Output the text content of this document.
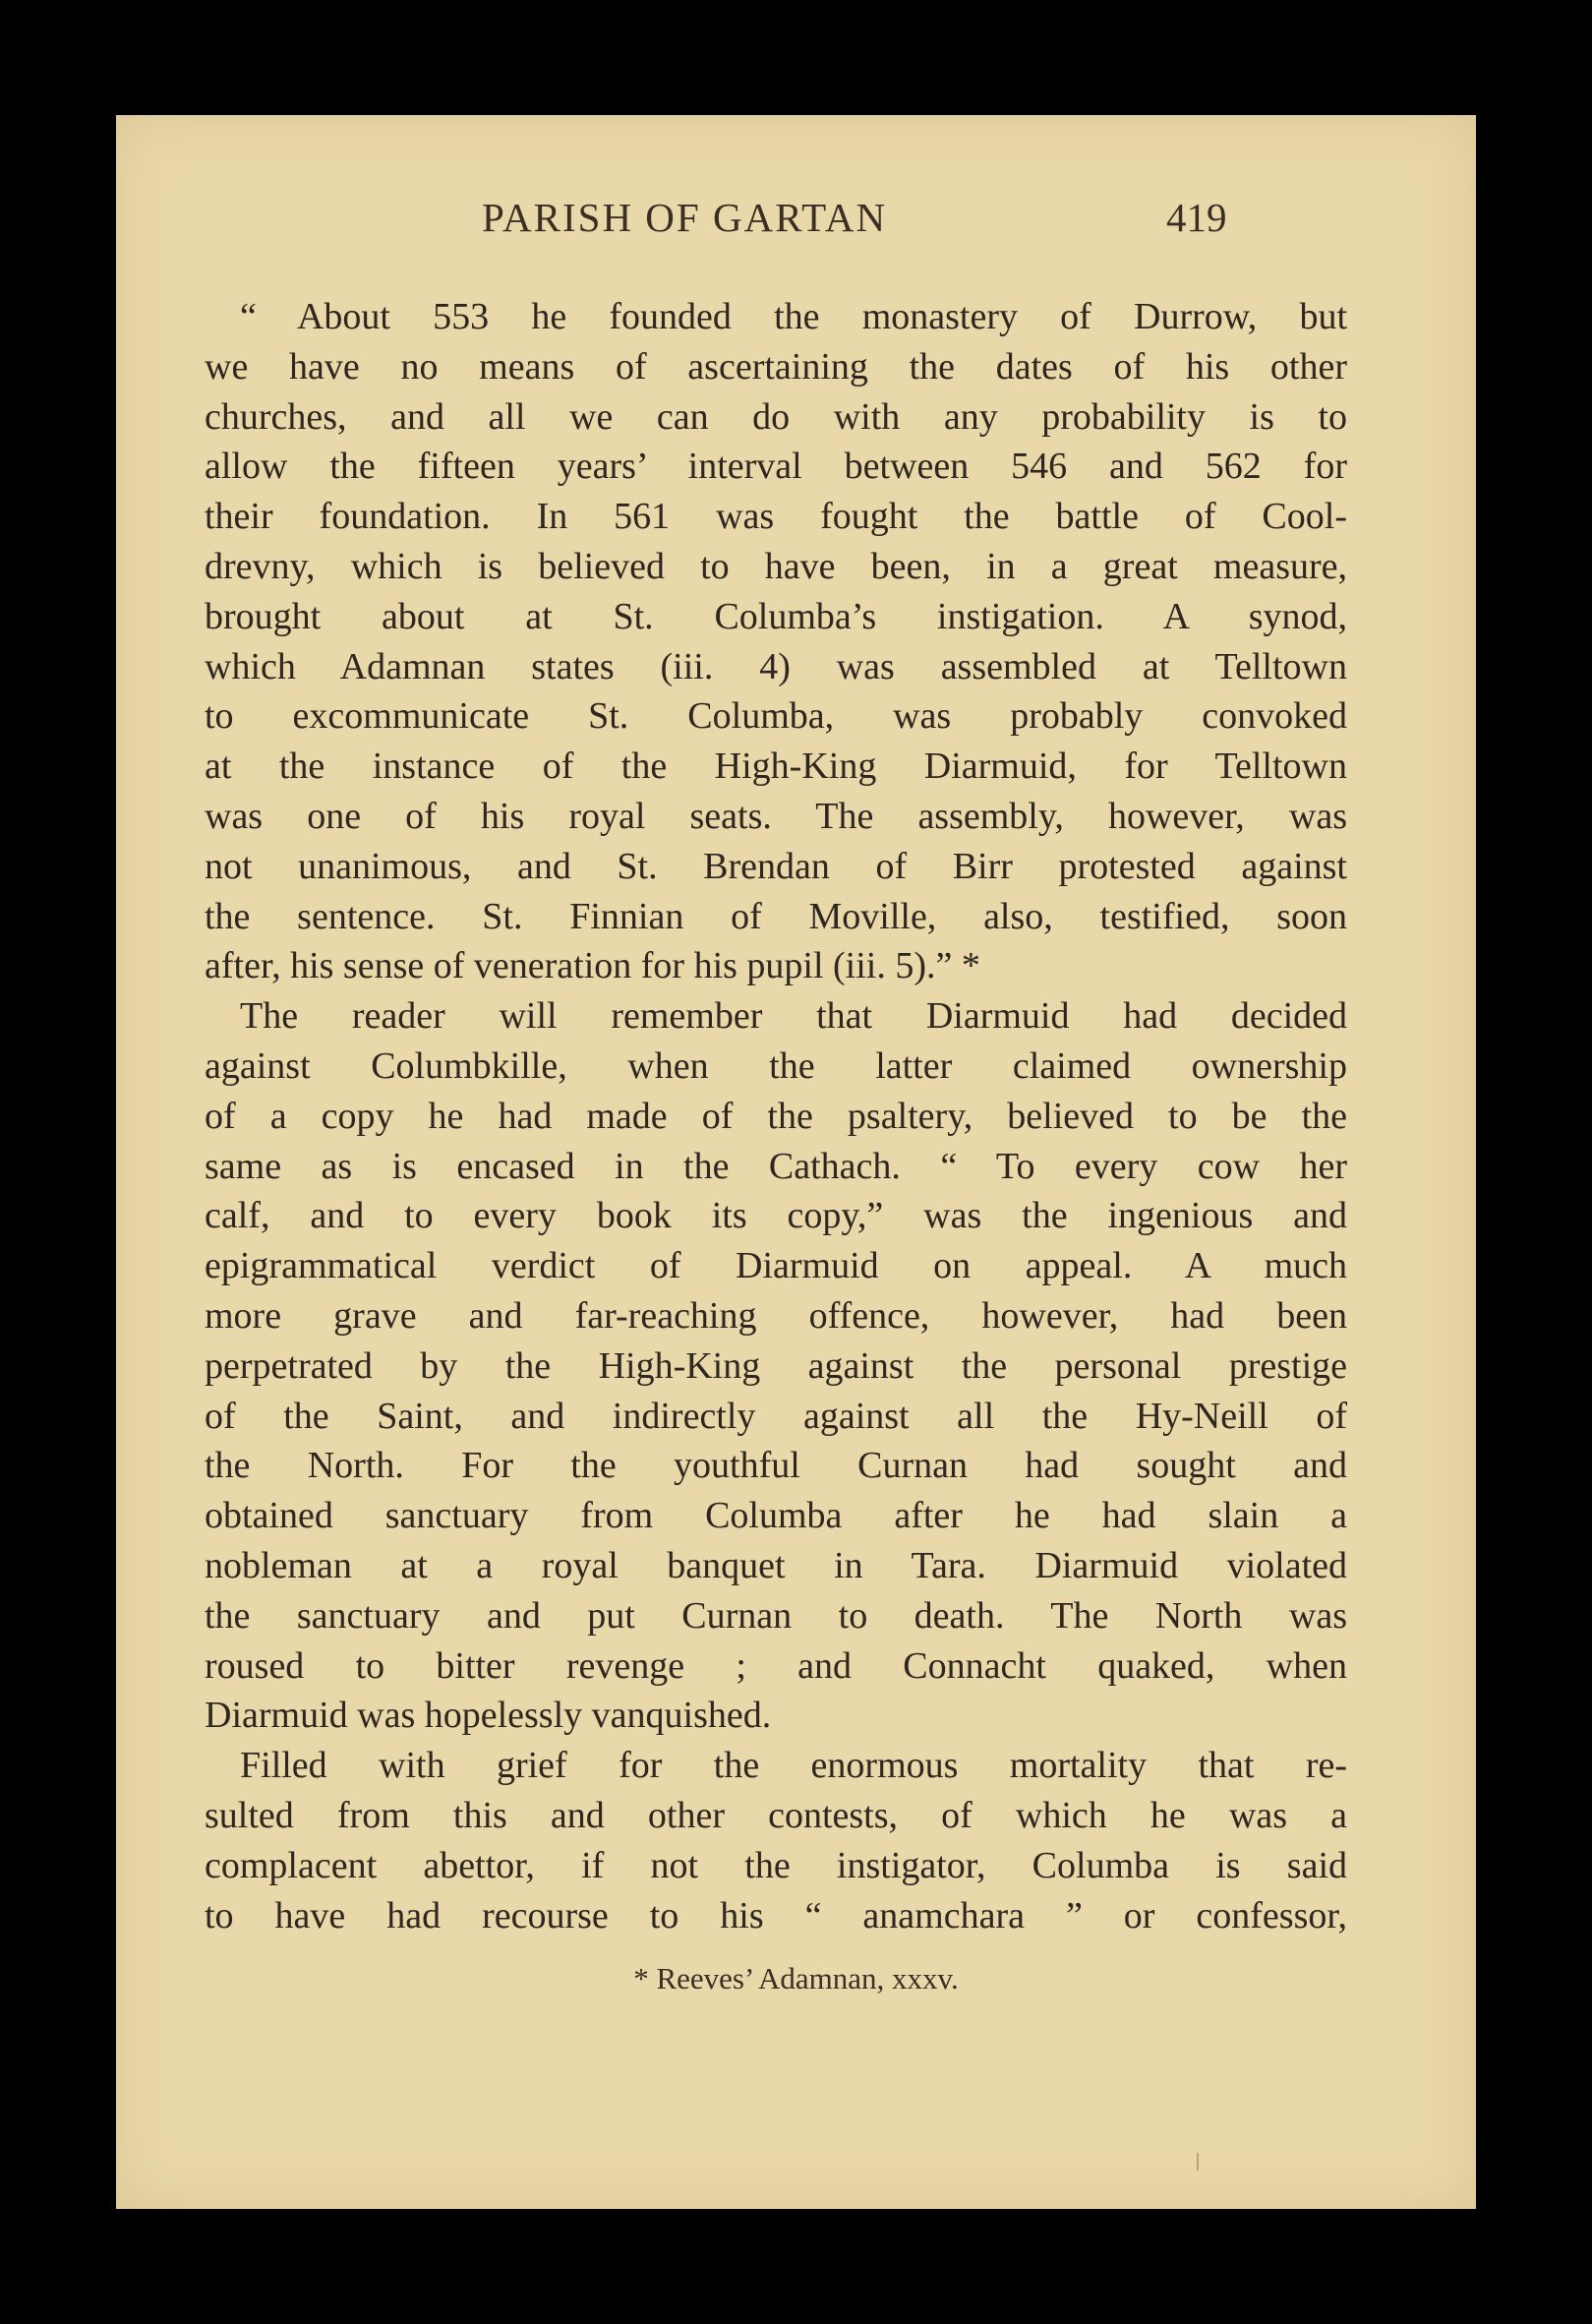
PARISH OF GARTAN	419
“ About 553 he founded the monastery of Durrow, but
we have no means of ascertaining the dates of his other
churches, and all we can do with any probability is to
allow the fifteen years’ interval between 546 and 562 for
their foundation. In 561 was fought the battle of Cool-
drevny, which is believed to have been, in a great measure,
brought about at St. Columba’s instigation. A synod,
which Adamnan states (iii. 4) was assembled at Telltown
to excommunicate St. Columba, was probably convoked
at the instance of the High-King Diarmuid, for Telltown
was one of his royal seats. The assembly, however, was
not unanimous, and St. Brendan of Birr protested against
the sentence. St. Finnian of Moville, also, testified, soon
after, his sense of veneration for his pupil (iii. 5).” *
The reader will remember that Diarmuid had decided
against Columbkille, when the latter claimed ownership
of a copy he had made of the psaltery, believed to be the
same as is encased in the Cathach. “ To every cow her
calf, and to every book its copy,” was the ingenious and
epigrammatical verdict of Diarmuid on appeal. A much
more grave and far-reaching offence, however, had been
perpetrated by the High-King against the personal prestige
of the Saint, and indirectly against all the Hy-Neill of
the North. For the youthful Curnan had sought and
obtained sanctuary from Columba after he had slain a
nobleman at a royal banquet in Tara. Diarmuid violated
the sanctuary and put Curnan to death. The North was
roused to bitter revenge ; and Connacht quaked, when
Diarmuid was hopelessly vanquished.
Filled with grief for the enormous mortality that re-
sulted from this and other contests, of which he was a
complacent abettor, if not the instigator, Columba is said
to have had recourse to his “ anamchara ” or confessor,
* Reeves’ Adamnan, xxxv.
